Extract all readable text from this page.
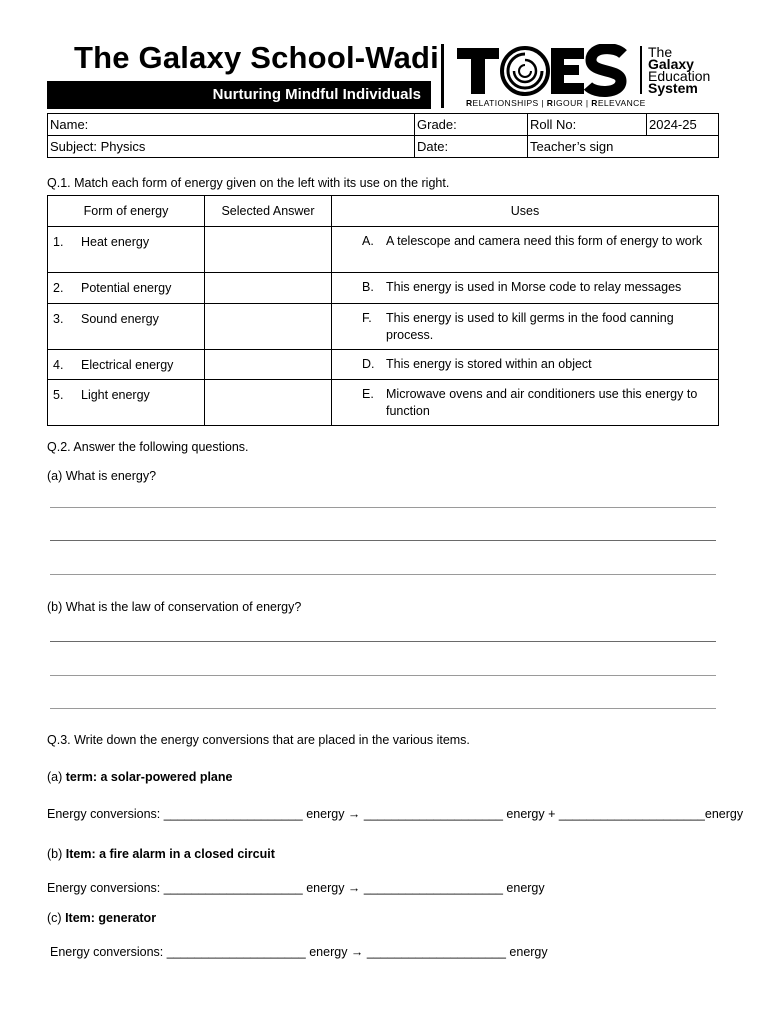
The Galaxy School-Wadi
Nurturing Mindful Individuals	RELATIONSHIPS | RIGOUR | RELEVANCE
The
Galaxy
Education
System
Name:	Grade:	Roll No:	2024-25
Subject: Physics	Date:	Teacher’s sign	
Q.1. Match each form of energy given on the left with its use on the right.
Form of energy	Selected Answer	Uses
1. Heat energy		A. A telescope and camera need this form of energy to work

2. Potential energy		B. This energy is used in Morse code to relay messages

3. Sound energy		F. This energy is used to kill germs in the food canning process.

4. Electrical energy		D. This energy is stored within an object

5. Light energy		E. Microwave ovens and air conditioners use this energy to function
Q.2. Answer the following questions.
(a) What is energy?
(b) What is the law of conservation of energy?
Q.3. Write down the energy conversions that are placed in the various items.
(a) term: a solar-powered plane
Energy conversions: ____________________ energy → ____________________ energy + _____________________energy
(b) Item: a fire alarm in a closed circuit
Energy conversions: ____________________ energy → ____________________ energy
(c) Item: generator
Energy conversions: ____________________ energy → ____________________ energy
